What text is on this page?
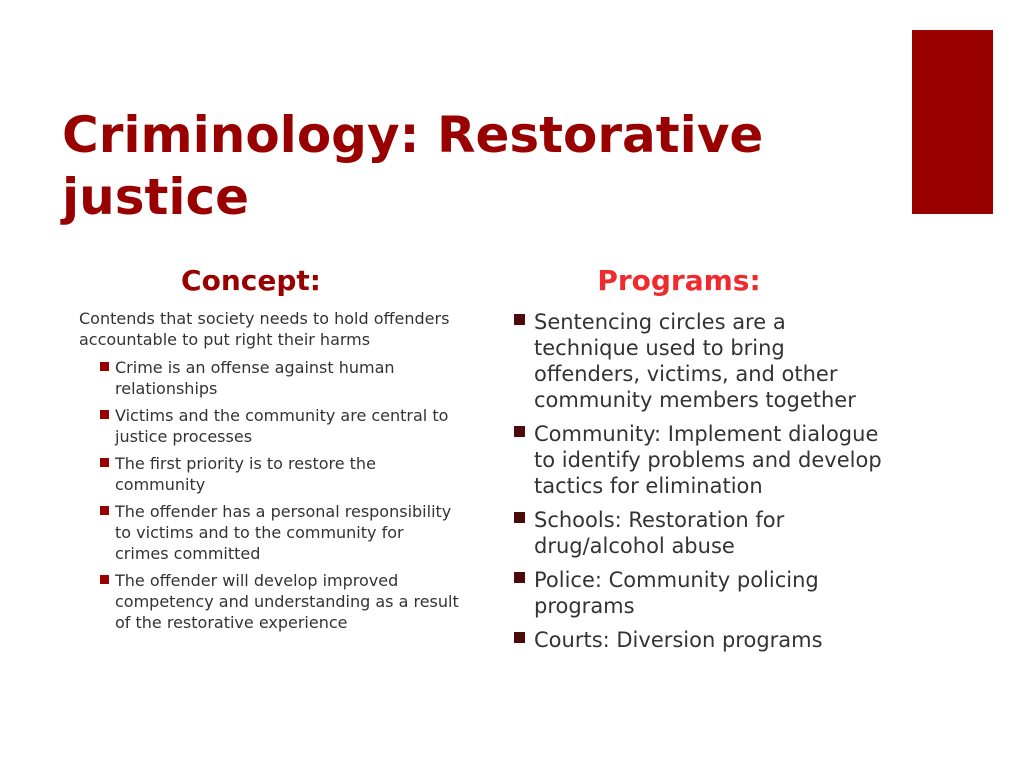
Criminology: Restorative justice
Concept:	Programs:

Contends that society needs to hold offenders accountable to put right their harms

Crime is an offense against human relationships
Victims and the community are central to justice processes
The first priority is to restore the community
The offender has a personal responsibility to victims and to the community for crimes committed
The offender will develop improved competency and understanding as a result of the restorative experience
Sentencing circles are a technique used to bring offenders, victims, and other community members together
Community: Implement dialogue to identify problems and develop tactics for elimination
Schools: Restoration for drug/alcohol abuse
Police: Community policing programs
Courts: Diversion programs
